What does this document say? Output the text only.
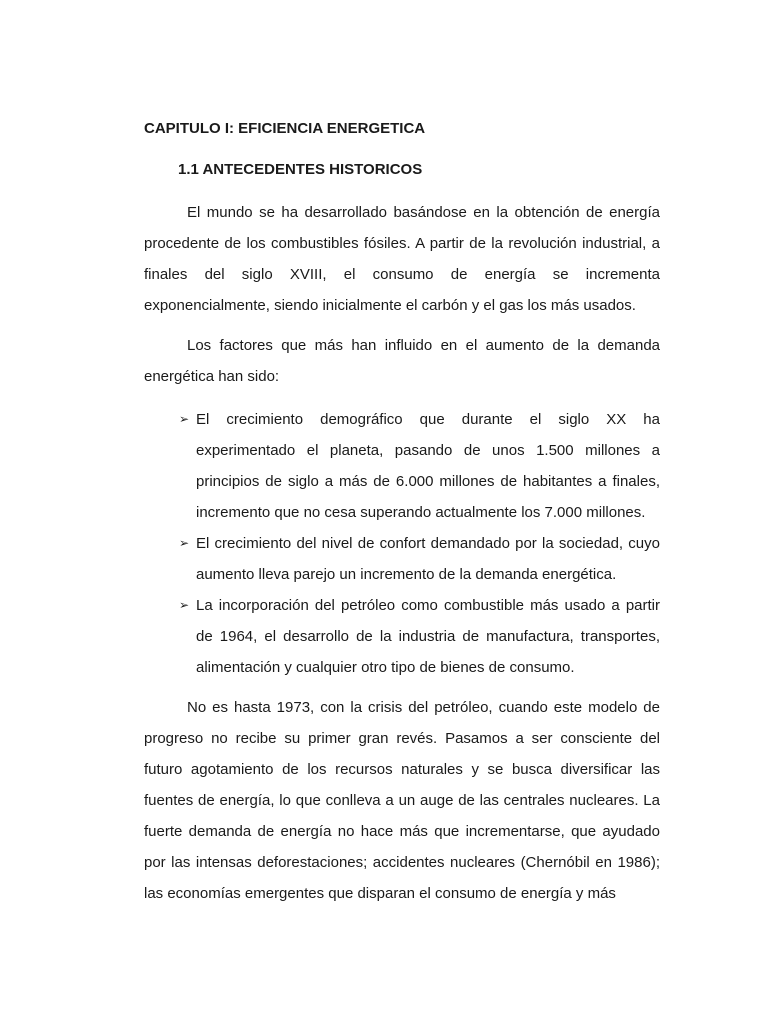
CAPITULO I: EFICIENCIA ENERGETICA
1.1 ANTECEDENTES HISTORICOS

El mundo se ha desarrollado basándose en la obtención de energía procedente de los combustibles fósiles. A partir de la revolución industrial, a finales del siglo XVIII, el consumo de energía se incrementa exponencialmente, siendo inicialmente el carbón y el gas los más usados.

Los factores que más han influido en el aumento de la demanda energética han sido:

➢ El crecimiento demográfico que durante el siglo XX ha experimentado el planeta, pasando de unos 1.500 millones a principios de siglo a más de 6.000 millones de habitantes a finales, incremento que no cesa superando actualmente los 7.000 millones.
➢ El crecimiento del nivel de confort demandado por la sociedad, cuyo aumento lleva parejo un incremento de la demanda energética.
➢ La incorporación del petróleo como combustible más usado a partir de 1964, el desarrollo de la industria de manufactura, transportes, alimentación y cualquier otro tipo de bienes de consumo.

No es hasta 1973, con la crisis del petróleo, cuando este modelo de progreso no recibe su primer gran revés. Pasamos a ser consciente del futuro agotamiento de los recursos naturales y se busca diversificar las fuentes de energía, lo que conlleva a un auge de las centrales nucleares. La fuerte demanda de energía no hace más que incrementarse, que ayudado por las intensas deforestaciones; accidentes nucleares (Chernóbil en 1986); las economías emergentes que disparan el consumo de energía y más
